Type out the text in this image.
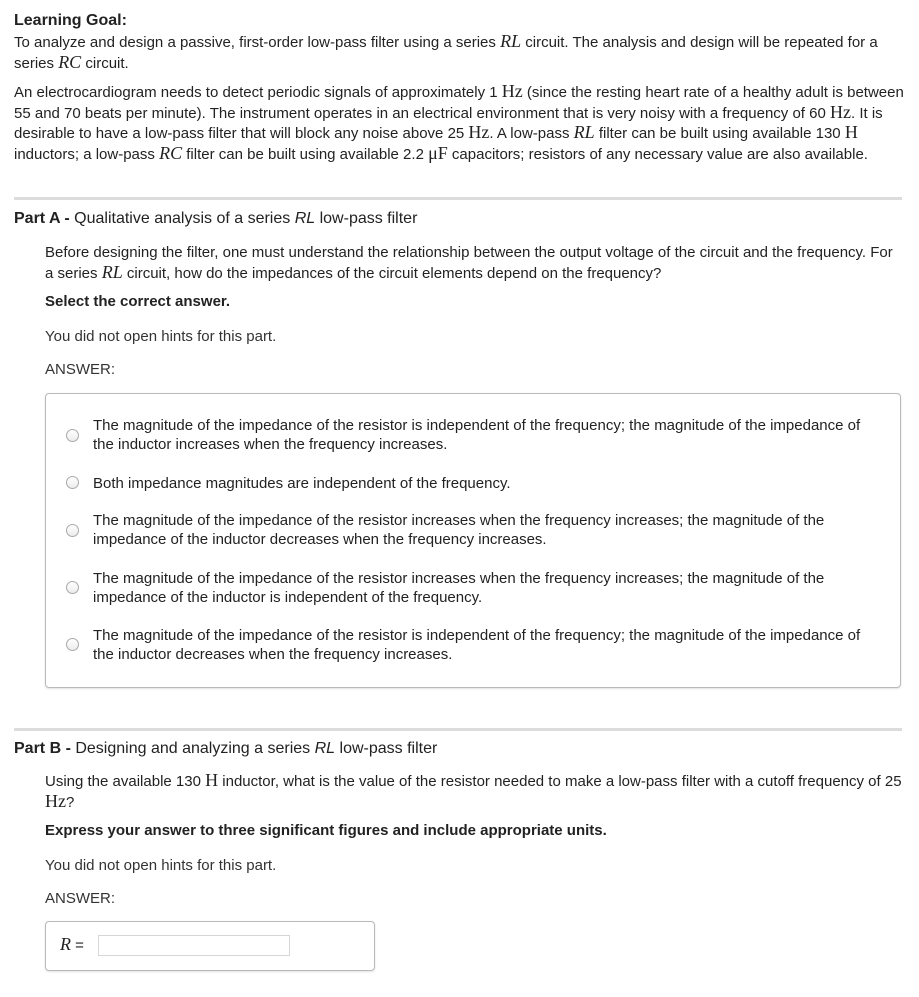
Learning Goal:
To analyze and design a passive, first-order low-pass filter using a series RL circuit. The analysis and design will be repeated for a series RC circuit.
An electrocardiogram needs to detect periodic signals of approximately 1 Hz (since the resting heart rate of a healthy adult is between 55 and 70 beats per minute). The instrument operates in an electrical environment that is very noisy with a frequency of 60 Hz. It is desirable to have a low-pass filter that will block any noise above 25 Hz. A low-pass RL filter can be built using available 130 H inductors; a low-pass RC filter can be built using available 2.2 μF capacitors; resistors of any necessary value are also available.
Part A - Qualitative analysis of a series RL low-pass filter
Before designing the filter, one must understand the relationship between the output voltage of the circuit and the frequency. For a series RL circuit, how do the impedances of the circuit elements depend on the frequency?
Select the correct answer.
You did not open hints for this part.
ANSWER:
The magnitude of the impedance of the resistor is independent of the frequency; the magnitude of the impedance of the inductor increases when the frequency increases.
Both impedance magnitudes are independent of the frequency.
The magnitude of the impedance of the resistor increases when the frequency increases; the magnitude of the impedance of the inductor decreases when the frequency increases.
The magnitude of the impedance of the resistor increases when the frequency increases; the magnitude of the impedance of the inductor is independent of the frequency.
The magnitude of the impedance of the resistor is independent of the frequency; the magnitude of the impedance of the inductor decreases when the frequency increases.
Part B - Designing and analyzing a series RL low-pass filter
Using the available 130 H inductor, what is the value of the resistor needed to make a low-pass filter with a cutoff frequency of 25 Hz?
Express your answer to three significant figures and include appropriate units.
You did not open hints for this part.
ANSWER:
R =
